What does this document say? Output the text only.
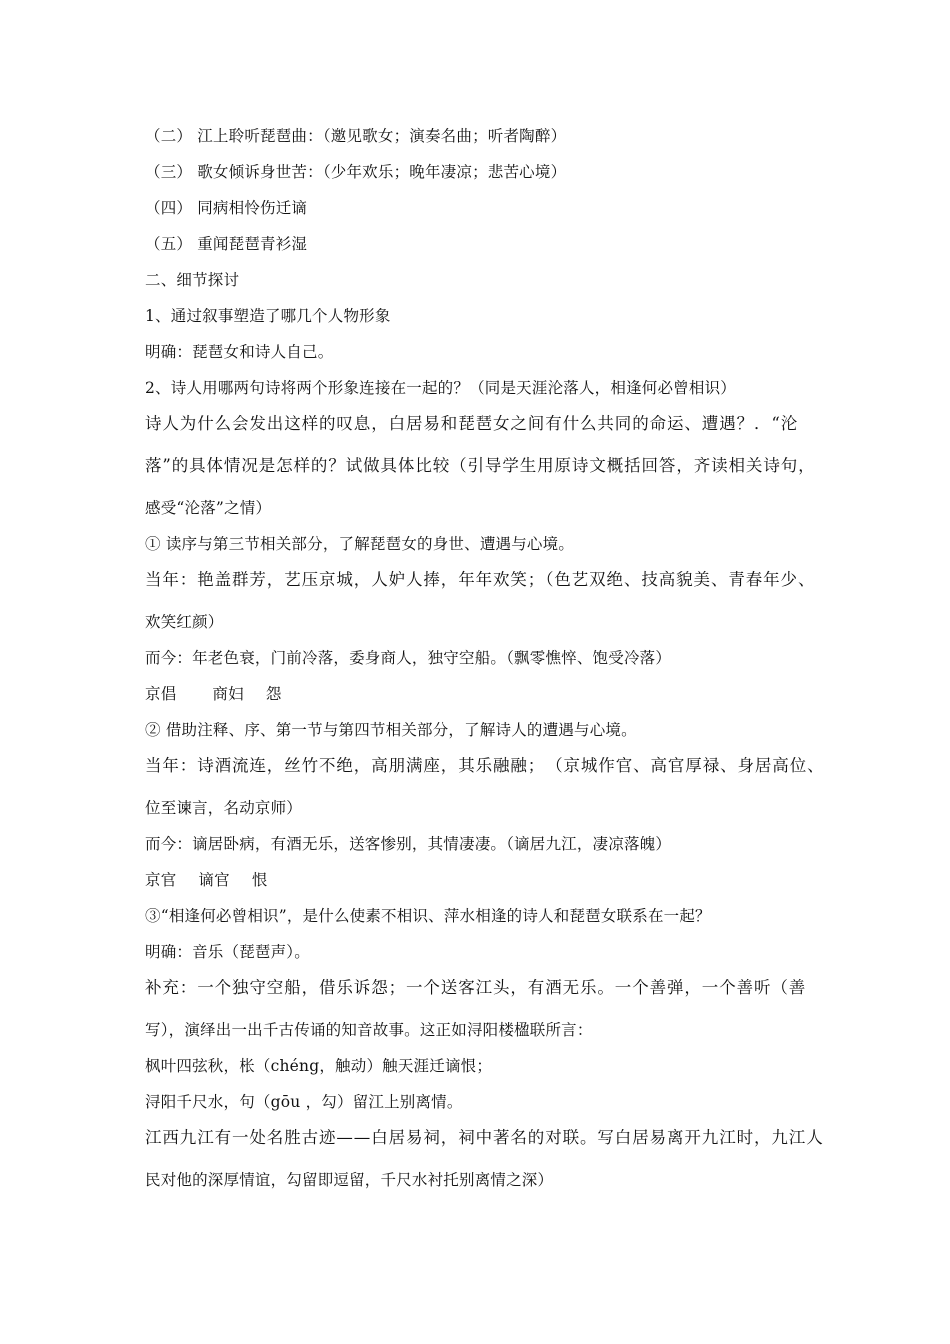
（二） 江上聆听琵琶曲：（邀见歌女；演奏名曲；听者陶醉）

（三） 歌女倾诉身世苦：（少年欢乐；晚年凄凉；悲苦心境）

（四） 同病相怜伤迁谪

（五） 重闻琵琶青衫湿

二、细节探讨

1、通过叙事塑造了哪几个人物形象

明确：琵琶女和诗人自己。

2、诗人用哪两句诗将两个形象连接在一起的？（同是天涯沦落人，相逢何必曾相识）

诗人为什么会发出这样的叹息，白居易和琵琶女之间有什么共同的命运、遭遇？．“沦

落”的具体情况是怎样的？试做具体比较（引导学生用原诗文概括回答，齐读相关诗句，

感受“沦落”之情）

① 读序与第三节相关部分，了解琵琶女的身世、遭遇与心境。

当年：艳盖群芳，艺压京城，人妒人捧，年年欢笑；（色艺双绝、技高貌美、青春年少、

欢笑红颜）

而今：年老色衰，门前冷落，委身商人，独守空船。（飘零憔悴、饱受冷落）

京倡 商妇 怨

② 借助注释、序、第一节与第四节相关部分，了解诗人的遭遇与心境。

当年：诗酒流连，丝竹不绝，高朋满座，其乐融融；　（京城作官、高官厚禄、身居高位、

位至谏言，名动京师）

而今：谪居卧病，有酒无乐，送客惨别，其情凄凄。（谪居九江，凄凉落魄）

京官 谪官 恨

③“相逢何必曾相识”，是什么使素不相识、萍水相逢的诗人和琵琶女联系在一起？

明确：音乐（琵琶声）。

补充：一个独守空船，借乐诉怨；一个送客江头，有酒无乐。一个善弹，一个善听（善

写），演绎出一出千古传诵的知音故事。这正如浔阳楼楹联所言：

枫叶四弦秋，枨（chéng，触动）触天涯迁谪恨；

浔阳千尺水，句（gōu ，勾）留江上别离情。

江西九江有一处名胜古迹——白居易祠，祠中著名的对联。写白居易离开九江时，九江人

民对他的深厚情谊，勾留即逗留，千尺水衬托别离情之深）
